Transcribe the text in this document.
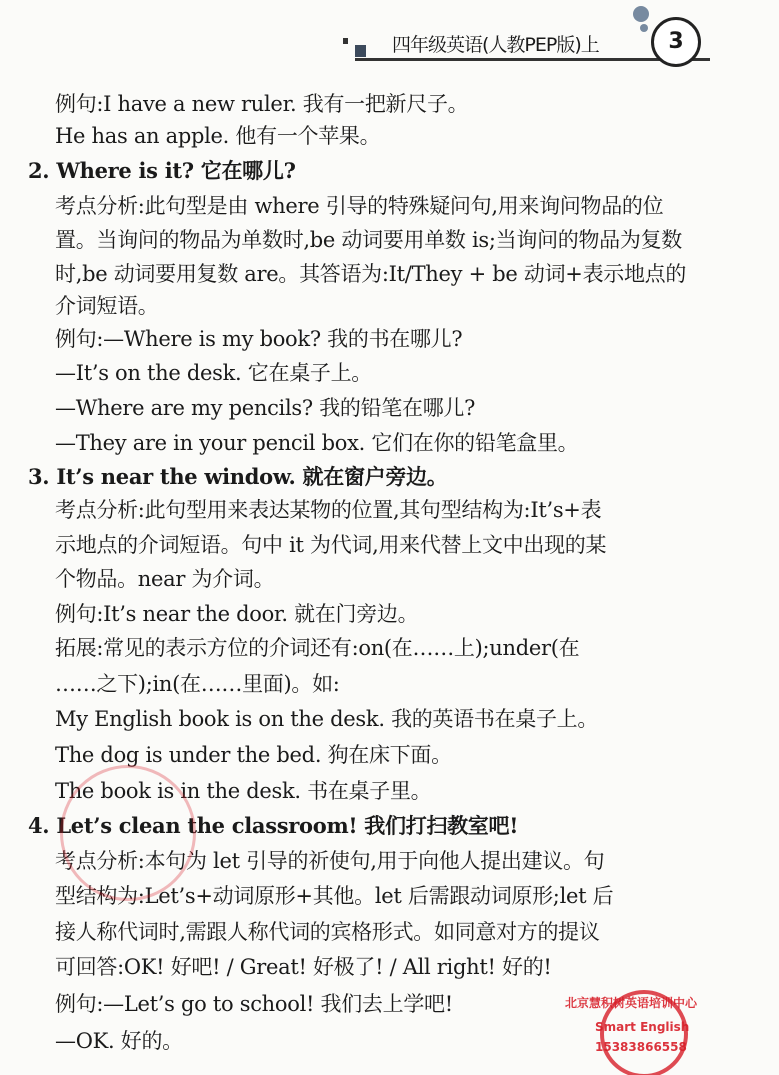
四年级英语(人教PEP版)上	3
例句:I have a new ruler. 我有一把新尺子。
He has an apple. 他有一个苹果。
2. Where is it? 它在哪儿?
考点分析:此句型是由 where 引导的特殊疑问句,用来询问物品的位
置。当询问的物品为单数时,be 动词要用单数 is;当询问的物品为复数
时,be 动词要用复数 are。其答语为:It/They + be 动词+表示地点的
介词短语。
例句:—Where is my book? 我的书在哪儿?
—It’s on the desk. 它在桌子上。
—Where are my pencils? 我的铅笔在哪儿?
—They are in your pencil box. 它们在你的铅笔盒里。
3. It’s near the window. 就在窗户旁边。
考点分析:此句型用来表达某物的位置,其句型结构为:It’s+表
示地点的介词短语。句中 it 为代词,用来代替上文中出现的某
个物品。near 为介词。
例句:It’s near the door. 就在门旁边。
拓展:常见的表示方位的介词还有:on(在……上);under(在
……之下);in(在……里面)。如:
My English book is on the desk. 我的英语书在桌子上。
The dog is under the bed. 狗在床下面。
The book is in the desk. 书在桌子里。
4. Let’s clean the classroom! 我们打扫教室吧!
考点分析:本句为 let 引导的祈使句,用于向他人提出建议。句
型结构为:Let’s+动词原形+其他。let 后需跟动词原形;let 后
接人称代词时,需跟人称代词的宾格形式。如同意对方的提议
可回答:OK! 好吧! / Great! 好极了! / All right! 好的!
例句:—Let’s go to school! 我们去上学吧!
—OK. 好的。
北京慧积树英语培训中心
Smart English
15383866558
